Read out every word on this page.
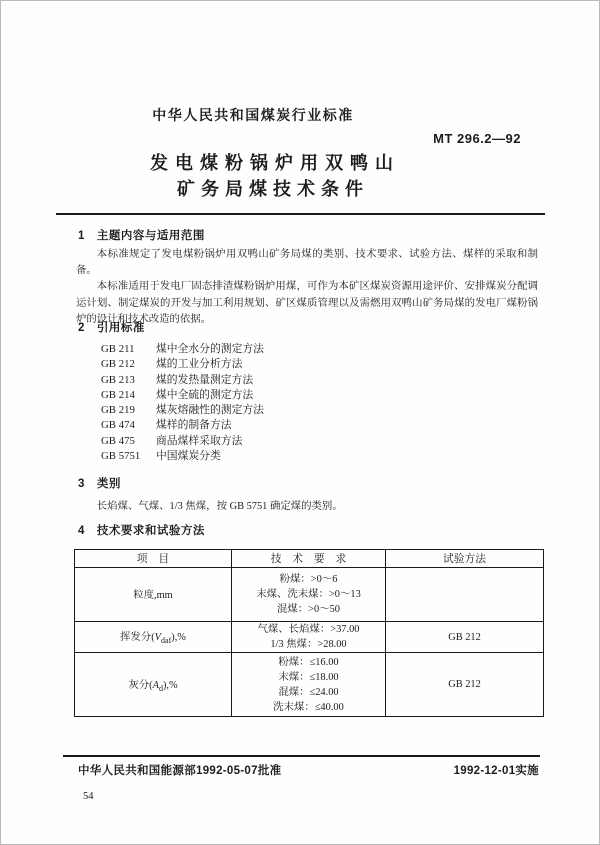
中华人民共和国煤炭行业标准
MT 296.2—92
发电煤粉锅炉用双鸭山
矿务局煤技术条件
1　主题内容与适用范围

本标准规定了发电煤粉锅炉用双鸭山矿务局煤的类别、技术要求、试验方法、煤样的采取和制备。

本标准适用于发电厂固态排渣煤粉锅炉用煤，可作为本矿区煤炭资源用途评价、安排煤炭分配调运计划、制定煤炭的开发与加工利用规划、矿区煤质管理以及需燃用双鸭山矿务局煤的发电厂煤粉锅炉的设计和技术改造的依据。

2　引用标准
GB 211 煤中全水分的测定方法
GB 212 煤的工业分析方法
GB 213 煤的发热量测定方法
GB 214 煤中全硫的测定方法
GB 219 煤灰熔融性的测定方法
GB 474 煤样的制备方法
GB 475 商品煤样采取方法
GB 5751 中国煤炭分类
3　类别

长焰煤、气煤、1/3 焦煤，按 GB 5751 确定煤的类别。

4　技术要求和试验方法
项　目	技　术　要　求	试验方法
粒度,mm	粉煤：>0～6
末煤、洗末煤：>0～13
混煤：>0～50	

挥发分$(V_{daf}),\%$	气煤、长焰煤：>37.00
1/3 焦煤：>28.00	GB 212
灰分$(A_d),\%$	粉煤：≤16.00
末煤：≤18.00
混煤：≤24.00
洗末煤：≤40.00	GB 212
中华人民共和国能源部1992-05-07批准	1992-12-01实施
54
